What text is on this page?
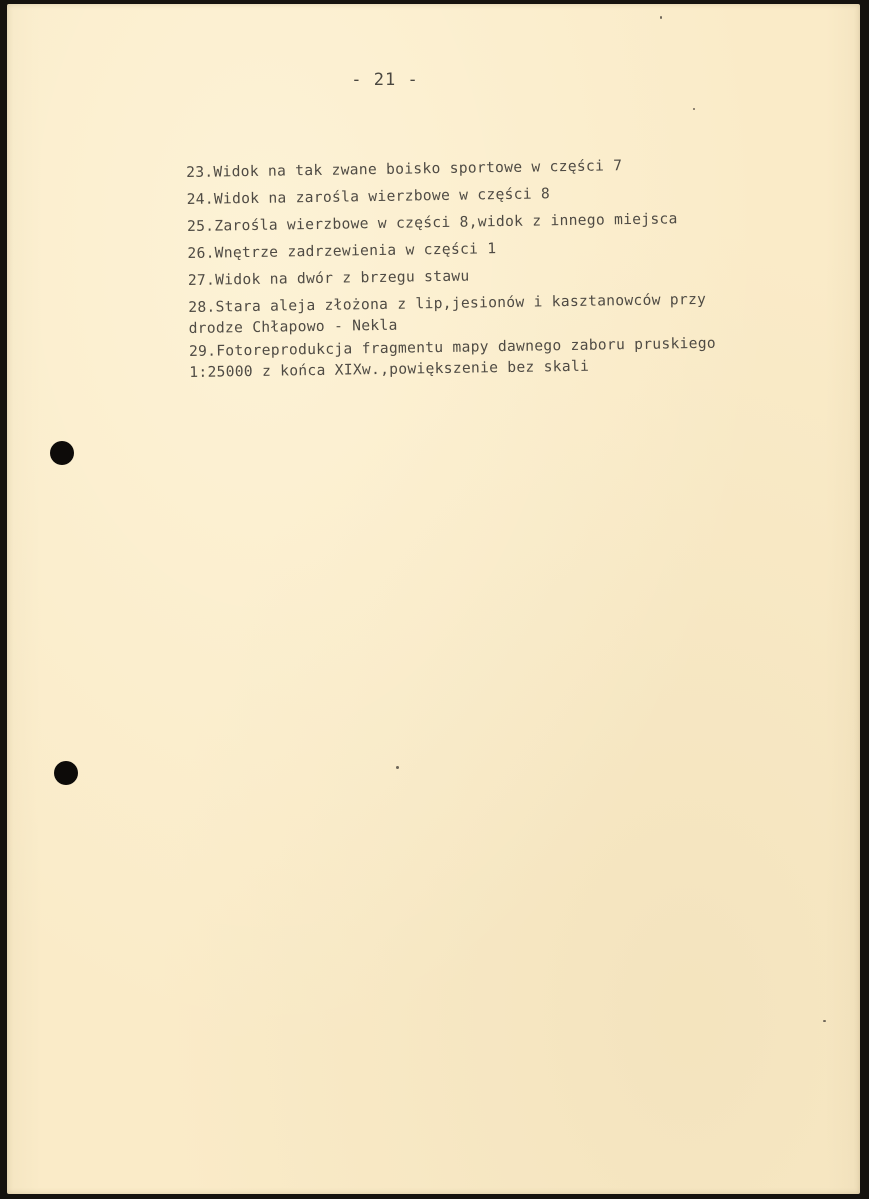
- 21 -
23. Widok na tak zwane boisko sportowe w części 7
24. Widok na zarośla wierzbowe w części 8
25. Zarośla wierzbowe w części 8,widok z innego miejsca
26. Wnętrze zadrzewienia w części 1
27. Widok na dwór z brzegu stawu
28. Stara aleja złożona z lip,jesionów i kasztanowców przy
drodze Chłapowo - Nekla
29. Fotoreprodukcja fragmentu mapy dawnego zaboru pruskiego
1:25000 z końca XIXw.,powiększenie bez skali
